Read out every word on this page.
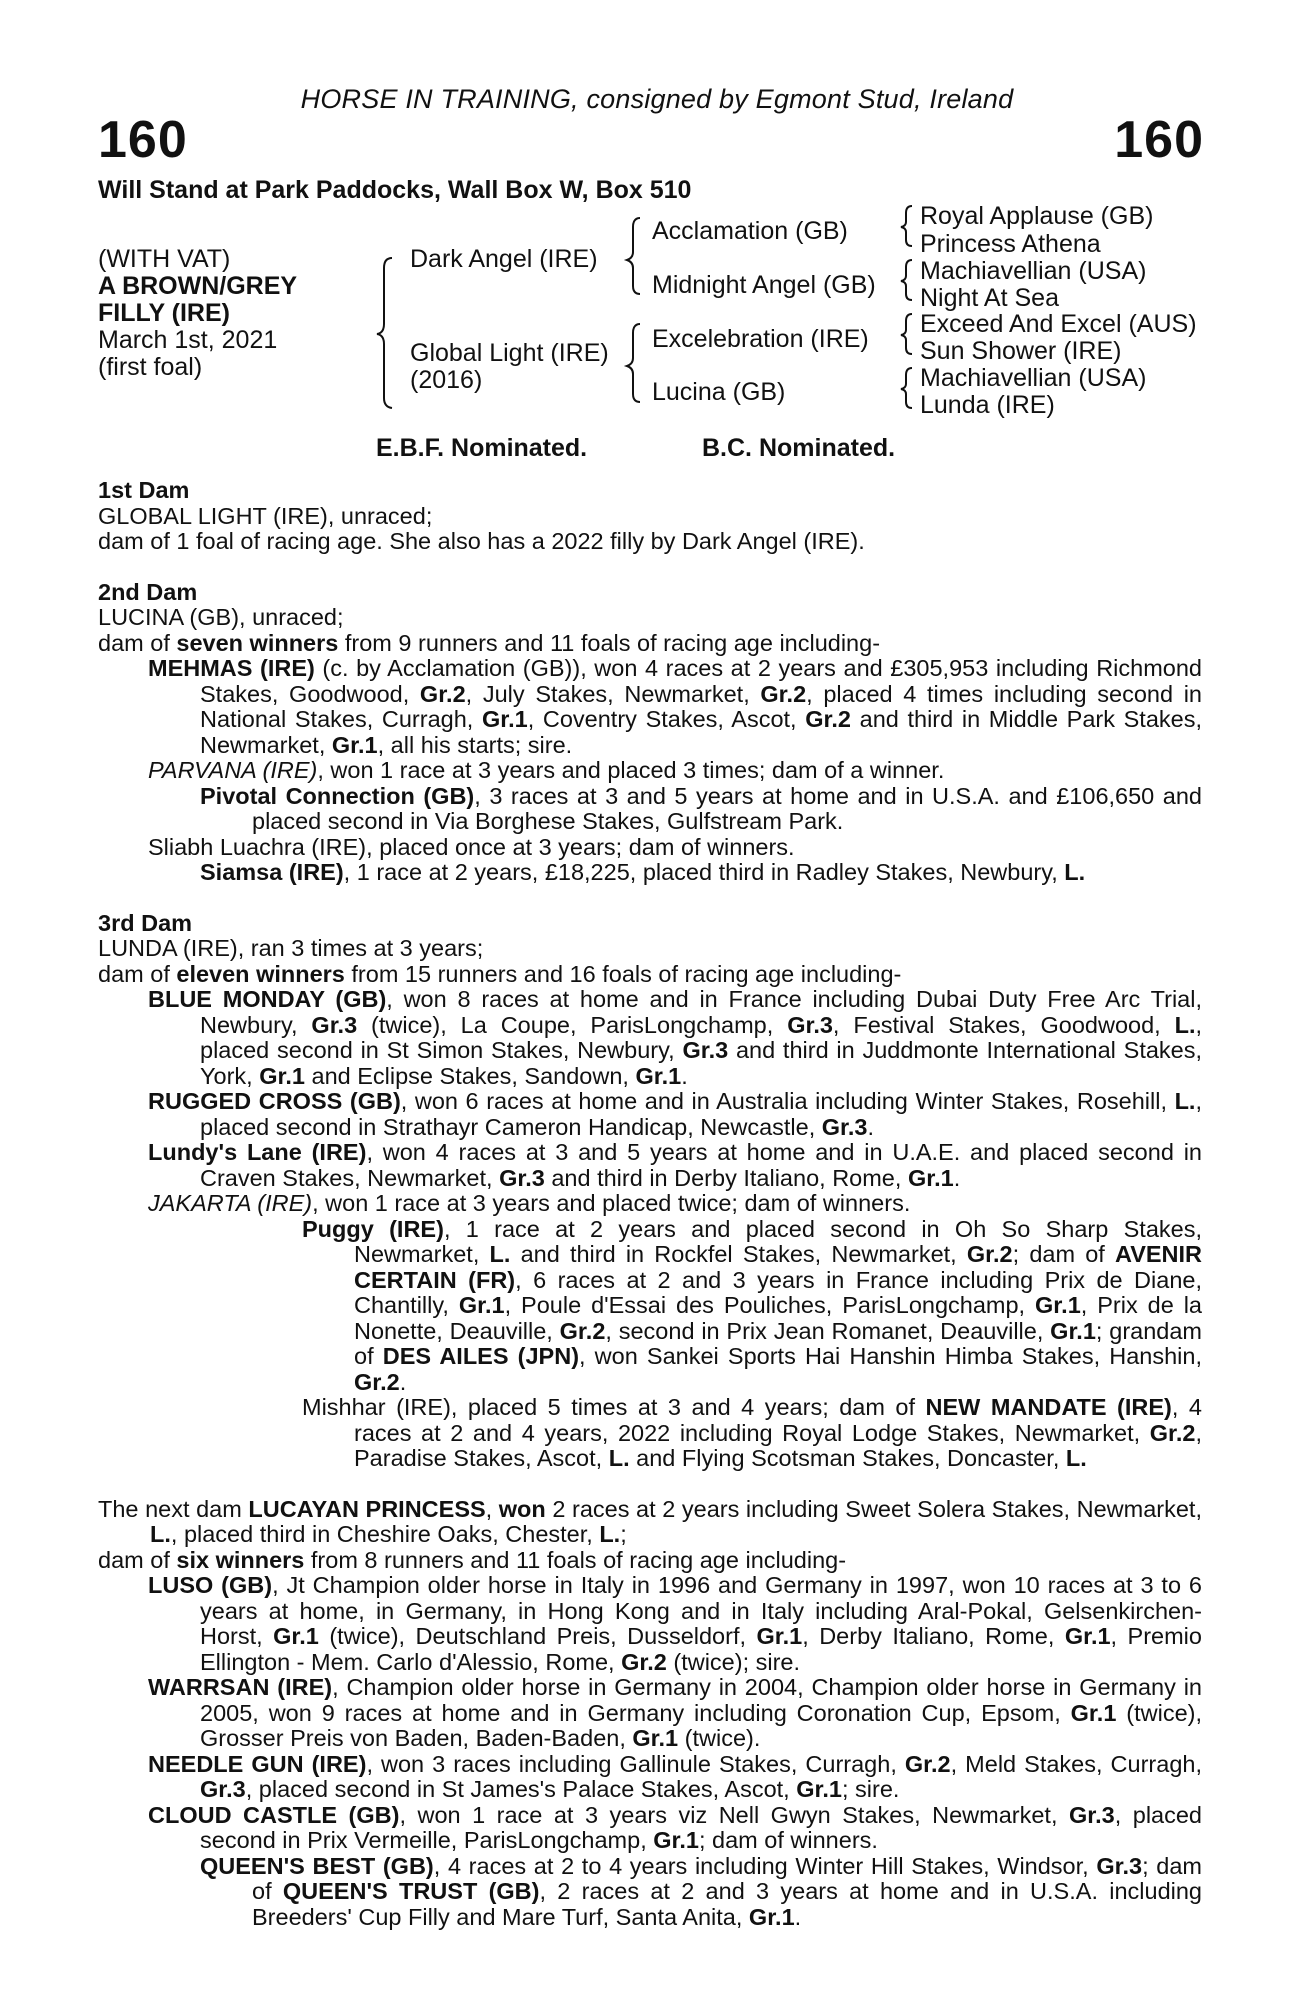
HORSE IN TRAINING, consigned by Egmont Stud, Ireland
160	160
Will Stand at Park Paddocks, Wall Box W, Box 510
(WITH VAT)
A BROWN/GREY
FILLY (IRE)
March 1st, 2021
(first foal)
Dark Angel (IRE)
Global Light (IRE)
(2016)
Acclamation (GB)
Midnight Angel (GB)
Excelebration (IRE)
Lucina (GB)
Royal Applause (GB)
Princess Athena
Machiavellian (USA)
Night At Sea
Exceed And Excel (AUS)
Sun Shower (IRE)
Machiavellian (USA)
Lunda (IRE)
E.B.F. Nominated.	B.C. Nominated.
1st Dam
GLOBAL LIGHT (IRE), unraced;
dam of 1 foal of racing age. She also has a 2022 filly by Dark Angel (IRE).
2nd Dam
LUCINA (GB), unraced;
dam of seven winners from 9 runners and 11 foals of racing age including-
MEHMAS (IRE) (c. by Acclamation (GB)), won 4 races at 2 years and £305,953 including Richmond Stakes, Goodwood, Gr.2, July Stakes, Newmarket, Gr.2, placed 4 times including second in National Stakes, Curragh, Gr.1, Coventry Stakes, Ascot, Gr.2 and third in Middle Park Stakes, Newmarket, Gr.1, all his starts; sire.
PARVANA (IRE), won 1 race at 3 years and placed 3 times; dam of a winner.
Pivotal Connection (GB), 3 races at 3 and 5 years at home and in U.S.A. and £106,650 and placed second in Via Borghese Stakes, Gulfstream Park.
Sliabh Luachra (IRE), placed once at 3 years; dam of winners.
Siamsa (IRE), 1 race at 2 years, £18,225, placed third in Radley Stakes, Newbury, L.
3rd Dam
LUNDA (IRE), ran 3 times at 3 years;
dam of eleven winners from 15 runners and 16 foals of racing age including-
BLUE MONDAY (GB), won 8 races at home and in France including Dubai Duty Free Arc Trial, Newbury, Gr.3 (twice), La Coupe, ParisLongchamp, Gr.3, Festival Stakes, Goodwood, L., placed second in St Simon Stakes, Newbury, Gr.3 and third in Juddmonte International Stakes, York, Gr.1 and Eclipse Stakes, Sandown, Gr.1.
RUGGED CROSS (GB), won 6 races at home and in Australia including Winter Stakes, Rosehill, L., placed second in Strathayr Cameron Handicap, Newcastle, Gr.3.
Lundy's Lane (IRE), won 4 races at 3 and 5 years at home and in U.A.E. and placed second in Craven Stakes, Newmarket, Gr.3 and third in Derby Italiano, Rome, Gr.1.
JAKARTA (IRE), won 1 race at 3 years and placed twice; dam of winners.
Puggy (IRE), 1 race at 2 years and placed second in Oh So Sharp Stakes, Newmarket, L. and third in Rockfel Stakes, Newmarket, Gr.2; dam of AVENIR CERTAIN (FR), 6 races at 2 and 3 years in France including Prix de Diane, Chantilly, Gr.1, Poule d'Essai des Pouliches, ParisLongchamp, Gr.1, Prix de la Nonette, Deauville, Gr.2, second in Prix Jean Romanet, Deauville, Gr.1; grandam of DES AILES (JPN), won Sankei Sports Hai Hanshin Himba Stakes, Hanshin, Gr.2.
Mishhar (IRE), placed 5 times at 3 and 4 years; dam of NEW MANDATE (IRE), 4 races at 2 and 4 years, 2022 including Royal Lodge Stakes, Newmarket, Gr.2, Paradise Stakes, Ascot, L. and Flying Scotsman Stakes, Doncaster, L.
The next dam LUCAYAN PRINCESS, won 2 races at 2 years including Sweet Solera Stakes, Newmarket, L., placed third in Cheshire Oaks, Chester, L.;
dam of six winners from 8 runners and 11 foals of racing age including-
LUSO (GB), Jt Champion older horse in Italy in 1996 and Germany in 1997, won 10 races at 3 to 6 years at home, in Germany, in Hong Kong and in Italy including Aral-Pokal, Gelsenkirchen-Horst, Gr.1 (twice), Deutschland Preis, Dusseldorf, Gr.1, Derby Italiano, Rome, Gr.1, Premio Ellington - Mem. Carlo d'Alessio, Rome, Gr.2 (twice); sire.
WARRSAN (IRE), Champion older horse in Germany in 2004, Champion older horse in Germany in 2005, won 9 races at home and in Germany including Coronation Cup, Epsom, Gr.1 (twice), Grosser Preis von Baden, Baden-Baden, Gr.1 (twice).
NEEDLE GUN (IRE), won 3 races including Gallinule Stakes, Curragh, Gr.2, Meld Stakes, Curragh, Gr.3, placed second in St James's Palace Stakes, Ascot, Gr.1; sire.
CLOUD CASTLE (GB), won 1 race at 3 years viz Nell Gwyn Stakes, Newmarket, Gr.3, placed second in Prix Vermeille, ParisLongchamp, Gr.1; dam of winners.
QUEEN'S BEST (GB), 4 races at 2 to 4 years including Winter Hill Stakes, Windsor, Gr.3; dam of QUEEN'S TRUST (GB), 2 races at 2 and 3 years at home and in U.S.A. including Breeders' Cup Filly and Mare Turf, Santa Anita, Gr.1.
